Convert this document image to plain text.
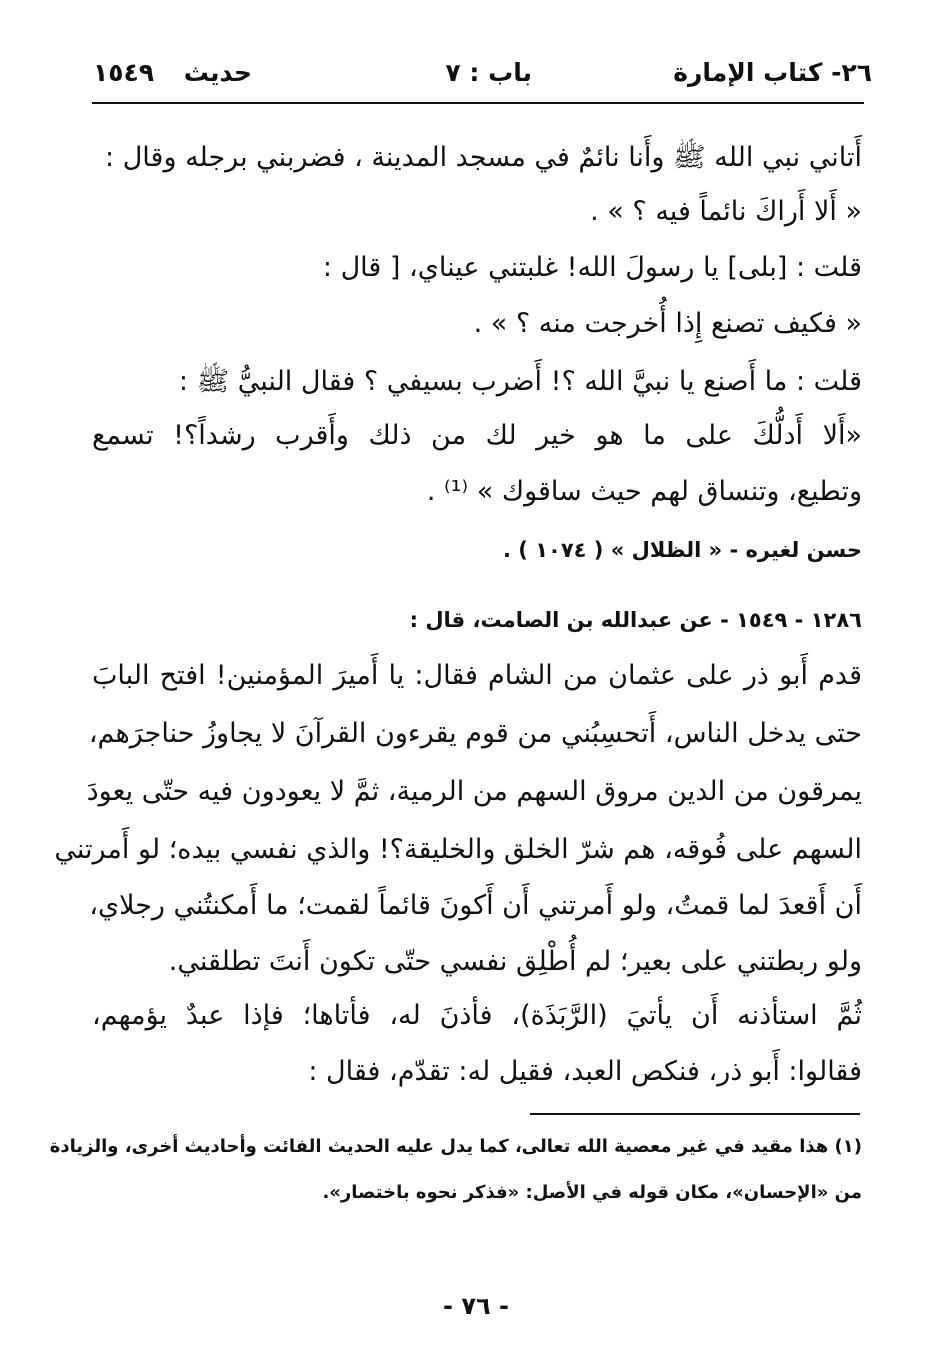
٢٦- كتاب الإمارة
باب : ٧
حديث
١٥٤٩
أَتاني نبي الله ﷺ وأَنا نائمٌ في مسجد المدينة ، فضربني برجله وقال :
« أَلا أَراكَ نائماً فيه ؟ » .
قلت : [بلى] يا رسولَ الله! غلبتني عيناي، [ قال :
« فكيف تصنع إِذا أُخرجت منه ؟ » .
قلت : ما أَصنع يا نبيَّ الله ؟! أَضرب بسيفي ؟ فقال النبيُّ ﷺ :
«أَلا أَدلُّكَ على ما هو خير لك من ذلك وأَقرب رشداً؟! تسمع
وتطيع، وتنساق لهم حيث ساقوك » ⁽¹⁾ .
حسن لغيره - « الظلال » ( ١٠٧٤ ) .
١٢٨٦ - ١٥٤٩ - عن عبدالله بن الصامت، قال :
قدم أَبو ذر على عثمان من الشام فقال: يا أَميرَ المؤمنين! افتح البابَ
حتى يدخل الناس، أَتحسِبُني من قوم يقرءون القرآنَ لا يجاوزُ حناجرَهم،
يمرقون من الدين مروق السهم من الرمية، ثمَّ لا يعودون فيه حتّى يعودَ
السهم على فُوقه، هم شرّ الخلق والخليقة؟! والذي نفسي بيده؛ لو أَمرتني
أَن أَقعدَ لما قمتُ، ولو أَمرتني أَن أَكونَ قائماً لقمت؛ ما أَمكنتُني رجلاي،
ولو ربطتني على بعير؛ لم أُطْلِق نفسي حتّى تكون أَنتَ تطلقني.
ثُمَّ استأذنه أَن يأتيَ (الرَّبَذَة)، فأذنَ له، فأتاها؛ فإذا عبدٌ يؤمهم،
فقالوا: أَبو ذر، فنكص العبد، فقيل له: تقدّم، فقال :
(١) هذا مقيد في غير معصية الله تعالى، كما يدل عليه الحديث الفائت وأحاديث أخرى، والزيادة
من «الإحسان»، مكان قوله في الأصل: «فذكر نحوه باختصار».
- ٧٦ -
